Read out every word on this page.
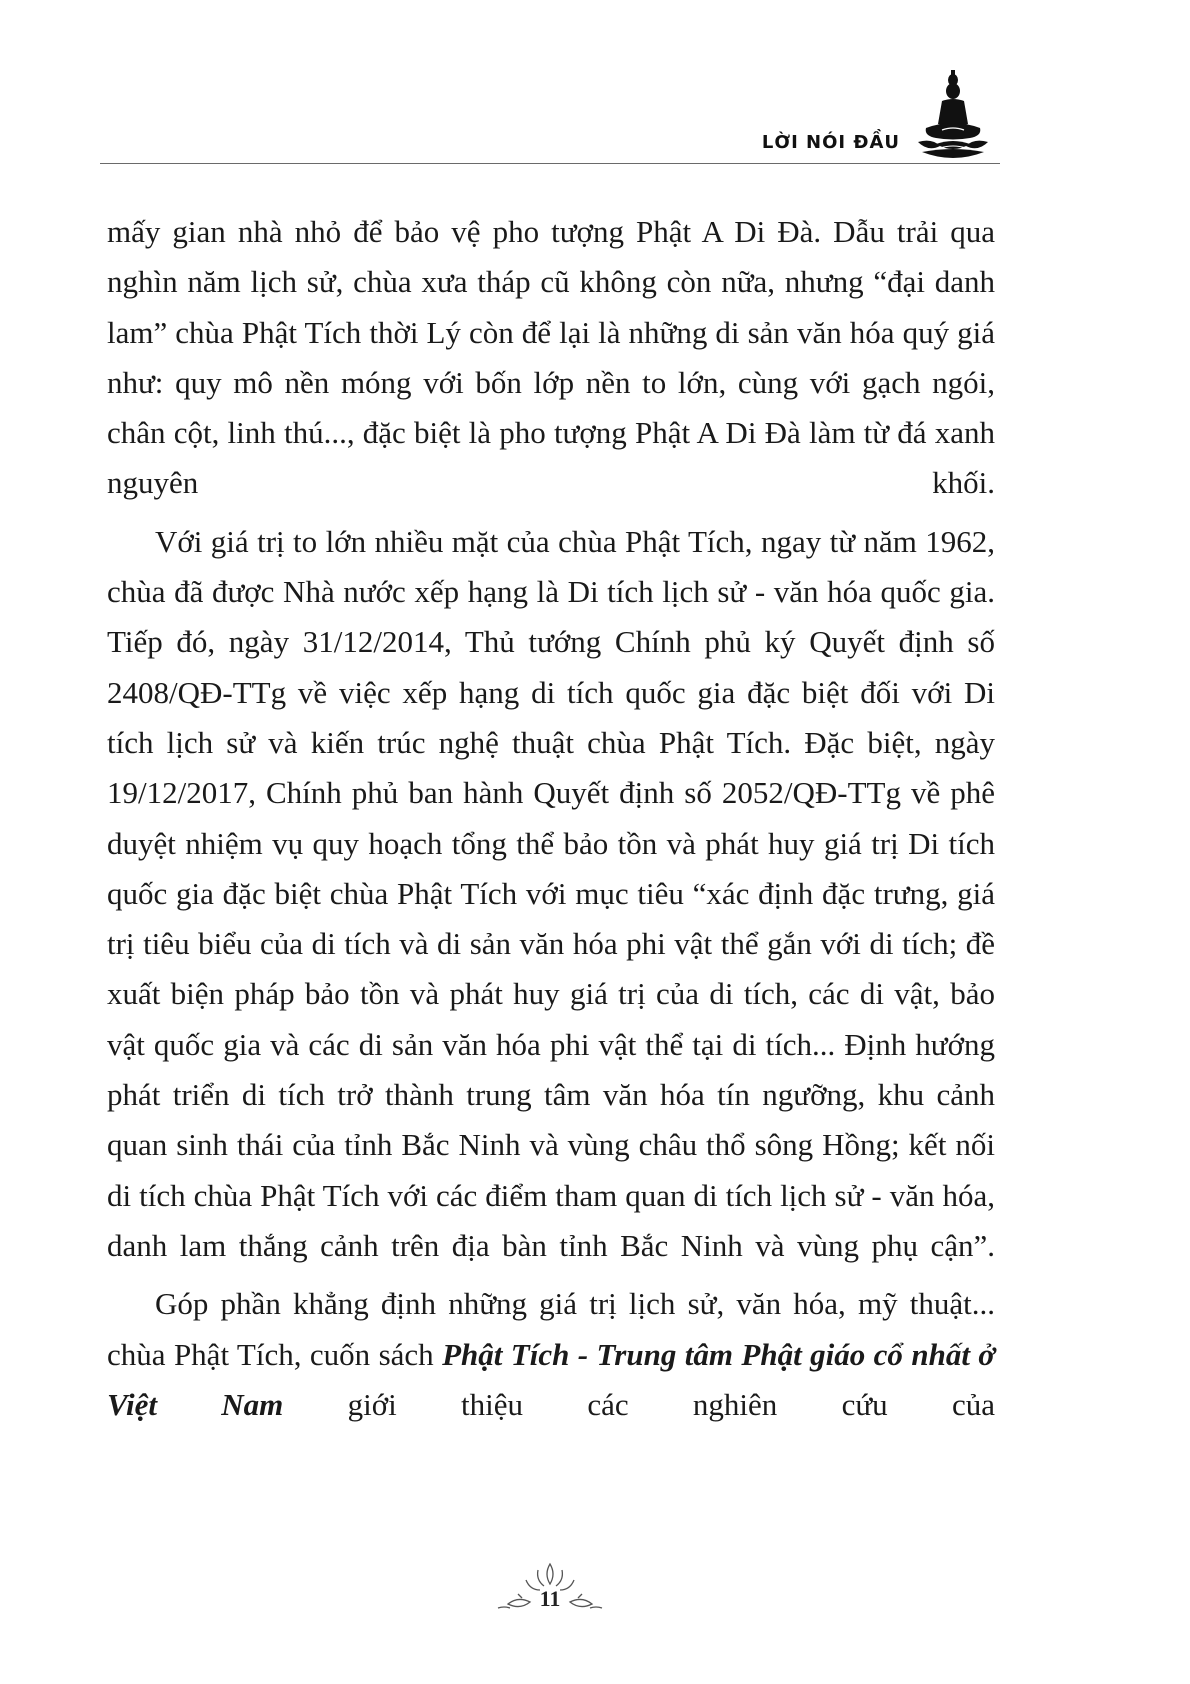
LỜI NÓI ĐẦU

mấy gian nhà nhỏ để bảo vệ pho tượng Phật A Di Đà. Dẫu trải qua nghìn năm lịch sử, chùa xưa tháp cũ không còn nữa, nhưng “đại danh lam” chùa Phật Tích thời Lý còn để lại là những di sản văn hóa quý giá như: quy mô nền móng với bốn lớp nền to lớn, cùng với gạch ngói, chân cột, linh thú..., đặc biệt là pho tượng Phật A Di Đà làm từ đá xanh nguyên khối.

Với giá trị to lớn nhiều mặt của chùa Phật Tích, ngay từ năm 1962, chùa đã được Nhà nước xếp hạng là Di tích lịch sử - văn hóa quốc gia. Tiếp đó, ngày 31/12/2014, Thủ tướng Chính phủ ký Quyết định số 2408/QĐ-TTg về việc xếp hạng di tích quốc gia đặc biệt đối với Di tích lịch sử và kiến trúc nghệ thuật chùa Phật Tích. Đặc biệt, ngày 19/12/2017, Chính phủ ban hành Quyết định số 2052/QĐ-TTg về phê duyệt nhiệm vụ quy hoạch tổng thể bảo tồn và phát huy giá trị Di tích quốc gia đặc biệt chùa Phật Tích với mục tiêu “xác định đặc trưng, giá trị tiêu biểu của di tích và di sản văn hóa phi vật thể gắn với di tích; đề xuất biện pháp bảo tồn và phát huy giá trị của di tích, các di vật, bảo vật quốc gia và các di sản văn hóa phi vật thể tại di tích... Định hướng phát triển di tích trở thành trung tâm văn hóa tín ngưỡng, khu cảnh quan sinh thái của tỉnh Bắc Ninh và vùng châu thổ sông Hồng; kết nối di tích chùa Phật Tích với các điểm tham quan di tích lịch sử - văn hóa, danh lam thắng cảnh trên địa bàn tỉnh Bắc Ninh và vùng phụ cận”.

Góp phần khẳng định những giá trị lịch sử, văn hóa, mỹ thuật... chùa Phật Tích, cuốn sách Phật Tích - Trung tâm Phật giáo cổ nhất ở Việt Nam giới thiệu các nghiên cứu của

11
